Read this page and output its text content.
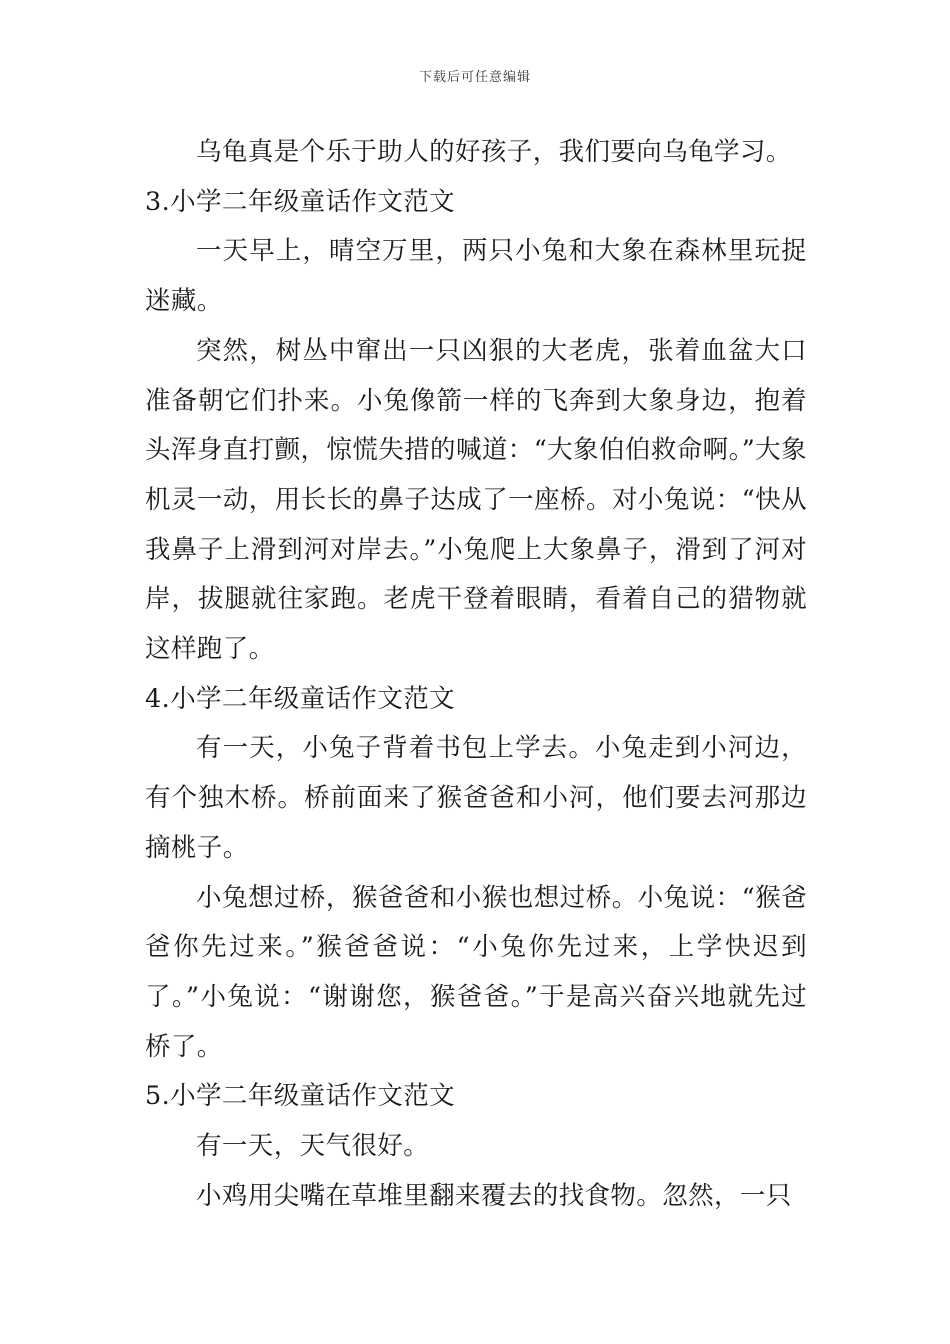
下载后可任意编辑

乌龟真是个乐于助人的好孩子，我们要向乌龟学习。

3.小学二年级童话作文范文

一天早上，晴空万里，两只小兔和大象在森林里玩捉迷藏。

突然，树丛中窜出一只凶狠的大老虎，张着血盆大口准备朝它们扑来。小兔像箭一样的飞奔到大象身边，抱着头浑身直打颤，惊慌失措的喊道：“大象伯伯救命啊。”大象机灵一动，用长长的鼻子达成了一座桥。对小兔说：“快从我鼻子上滑到河对岸去。”小兔爬上大象鼻子，滑到了河对岸，拔腿就往家跑。老虎干登着眼睛，看着自己的猎物就这样跑了。

4.小学二年级童话作文范文

有一天，小兔子背着书包上学去。小兔走到小河边，有个独木桥。桥前面来了猴爸爸和小河，他们要去河那边摘桃子。

小兔想过桥，猴爸爸和小猴也想过桥。小兔说：“猴爸爸你先过来。”猴爸爸说：“小兔你先过来，上学快迟到了。”小兔说：“谢谢您，猴爸爸。”于是高兴奋兴地就先过桥了。

5.小学二年级童话作文范文

有一天，天气很好。

小鸡用尖嘴在草堆里翻来覆去的找食物。忽然，一只
